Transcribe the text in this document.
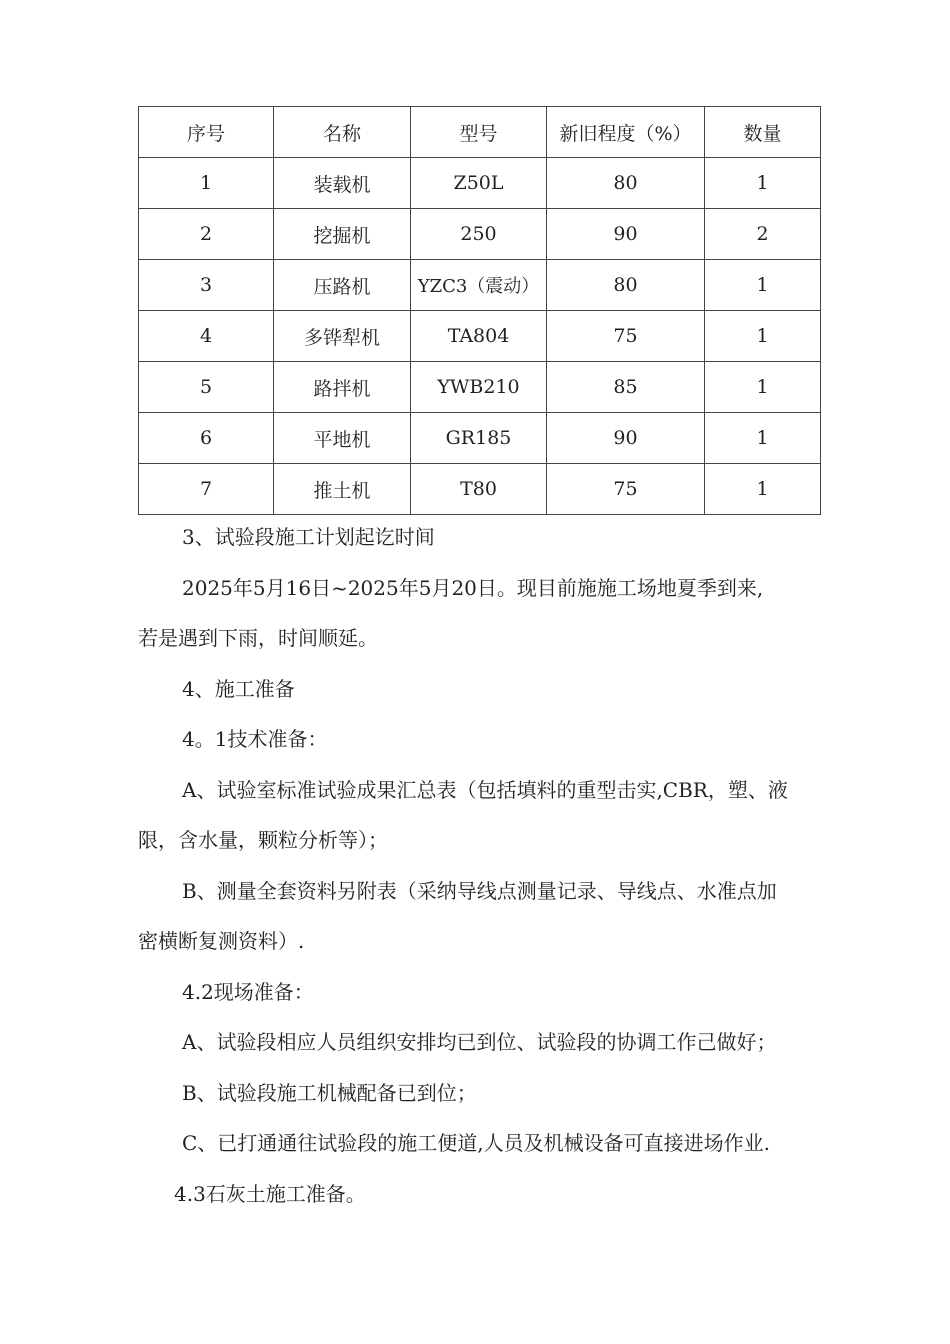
序号	名称	型号	新旧程度（%）	数量
1	装载机	Z50L	80	1
2	挖掘机	250	90	2
3	压路机	YZC3（震动）	80	1
4	多铧犁机	TA804	75	1
5	路拌机	YWB210	85	1
6	平地机	GR185	90	1
7	推土机	T80	75	1

3、试验段施工计划起讫时间

2025年5月16日~2025年5月20日。现目前施施工场地夏季到来,

若是遇到下雨，时间顺延。

4、施工准备

4。1技术准备：

A、试验室标准试验成果汇总表（包括填料的重型击实,CBR，塑、液

限，含水量，颗粒分析等）；

B、测量全套资料另附表（采纳导线点测量记录、导线点、水准点加

密横断复测资料）.

4.2现场准备：

A、试验段相应人员组织安排均已到位、试验段的协调工作己做好；

B、试验段施工机械配备已到位；

C、已打通通往试验段的施工便道,人员及机械设备可直接进场作业.

4.3石灰土施工准备。
